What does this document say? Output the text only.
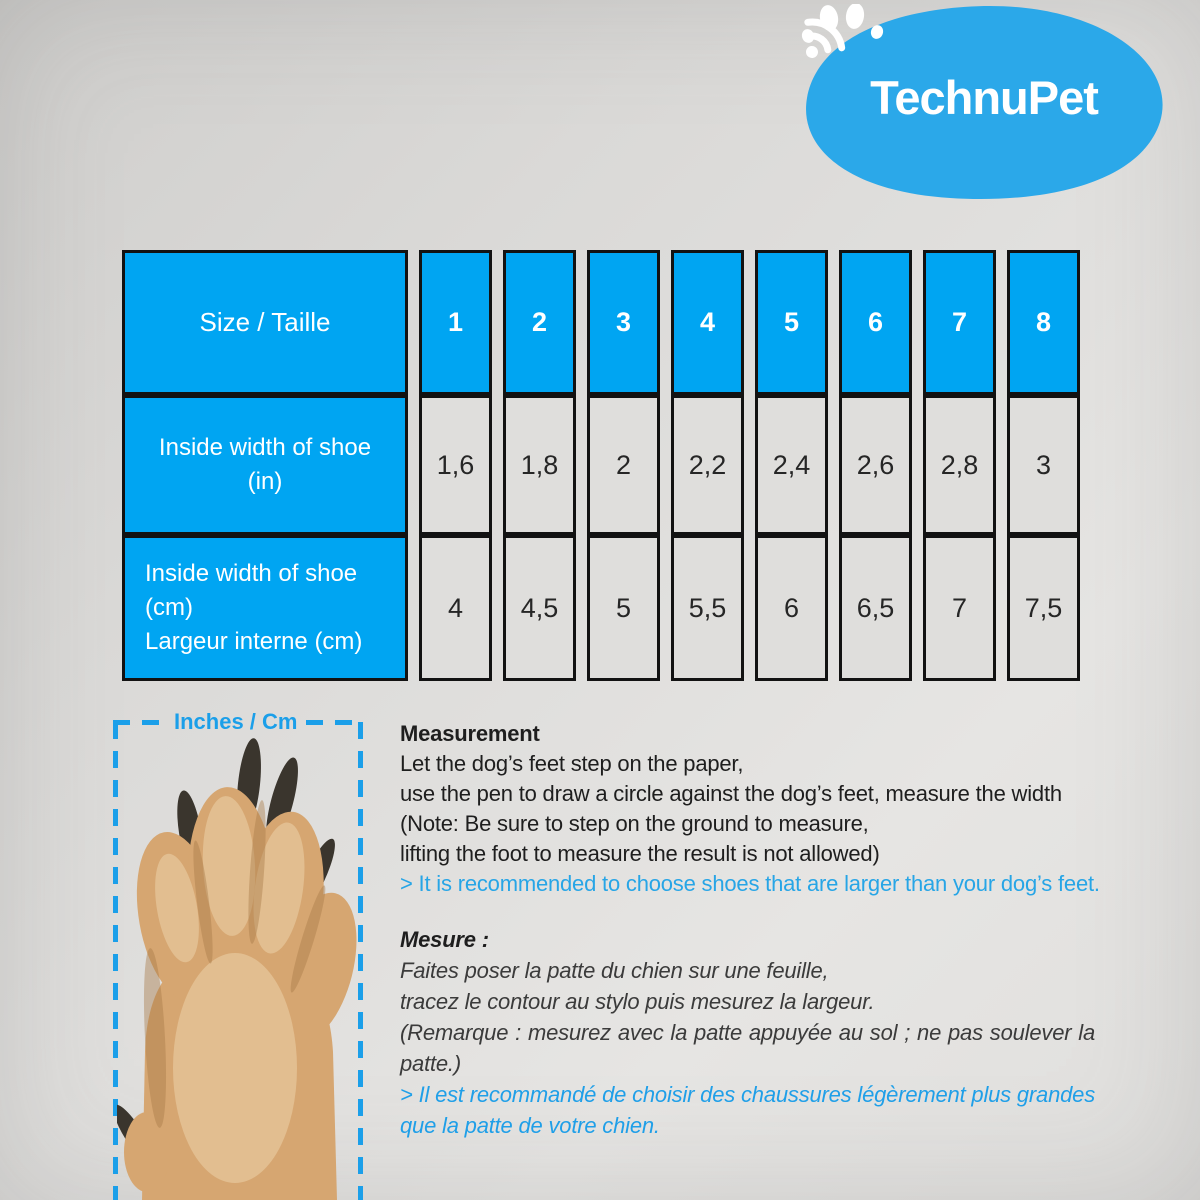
TechnuPet
Size / Taille	1	2	3	4	5	6	7	8
Inside width of shoe
(in)
1,6	1,8	2	2,2	2,4	2,6	2,8	3
Inside width of shoe (cm)
Largeur interne (cm)
4	4,5	5	5,5	6	6,5	7	7,5
Inches / Cm	Measurement
Let the dog’s feet step on the paper,
use the pen to draw a circle against the dog’s feet, measure the width
(Note: Be sure to step on the ground to measure,
lifting the foot to measure the result is not allowed)
> It is recommended to choose shoes that are larger than your dog’s feet.
Mesure :
Faites poser la patte du chien sur une feuille,
tracez le contour au stylo puis mesurez la largeur.
(Remarque : mesurez avec la patte appuyée au sol ; ne pas soulever la patte.)
> Il est recommandé de choisir des chaussures légèrement plus grandes que la patte de votre chien.
